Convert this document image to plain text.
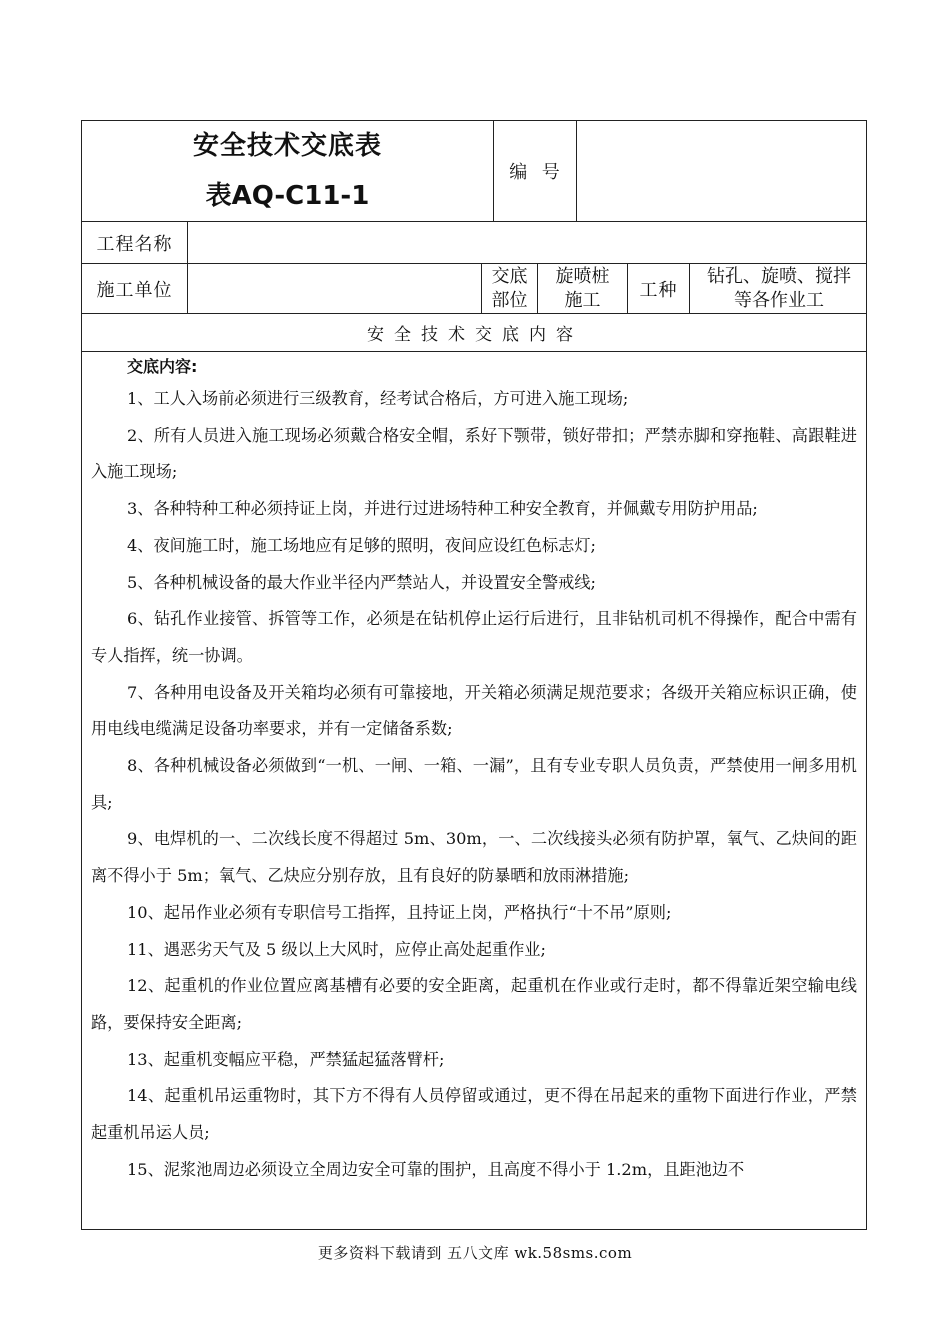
安全技术交底表
表AQ-C11-1
编  号
工程名称
施工单位
交底
部位
旋喷桩
施工	工种
钻孔、旋喷、搅拌
等各作业工
安全技术交底内容
交底内容:

1、工人入场前必须进行三级教育，经考试合格后，方可进入施工现场;

2、所有人员进入施工现场必须戴合格安全帽，系好下颚带，锁好带扣；严禁赤脚和穿拖鞋、高跟鞋进入施工现场;

3、各种特种工种必须持证上岗，并进行过进场特种工种安全教育，并佩戴专用防护用品;

4、夜间施工时，施工场地应有足够的照明，夜间应设红色标志灯;

5、各种机械设备的最大作业半径内严禁站人，并设置安全警戒线;

6、钻孔作业接管、拆管等工作，必须是在钻机停止运行后进行，且非钻机司机不得操作，配合中需有专人指挥，统一协调。

7、各种用电设备及开关箱均必须有可靠接地，开关箱必须满足规范要求；各级开关箱应标识正确，使用电线电缆满足设备功率要求，并有一定储备系数;

8、各种机械设备必须做到“一机、一闸、一箱、一漏”，且有专业专职人员负责，严禁使用一闸多用机具;

9、电焊机的一、二次线长度不得超过 5m、30m，一、二次线接头必须有防护罩，氧气、乙炔间的距离不得小于 5m；氧气、乙炔应分别存放，且有良好的防暴晒和放雨淋措施;

10、起吊作业必须有专职信号工指挥，且持证上岗，严格执行“十不吊”原则;

11、遇恶劣天气及 5 级以上大风时，应停止高处起重作业;

12、起重机的作业位置应离基槽有必要的安全距离，起重机在作业或行走时，都不得靠近架空输电线路，要保持安全距离;

13、起重机变幅应平稳，严禁猛起猛落臂杆;

14、起重机吊运重物时，其下方不得有人员停留或通过，更不得在吊起来的重物下面进行作业，严禁起重机吊运人员;

15、泥浆池周边必须设立全周边安全可靠的围护，且高度不得小于 1.2m，且距池边不

更多资料下载请到 五八文库 wk.58sms.com
